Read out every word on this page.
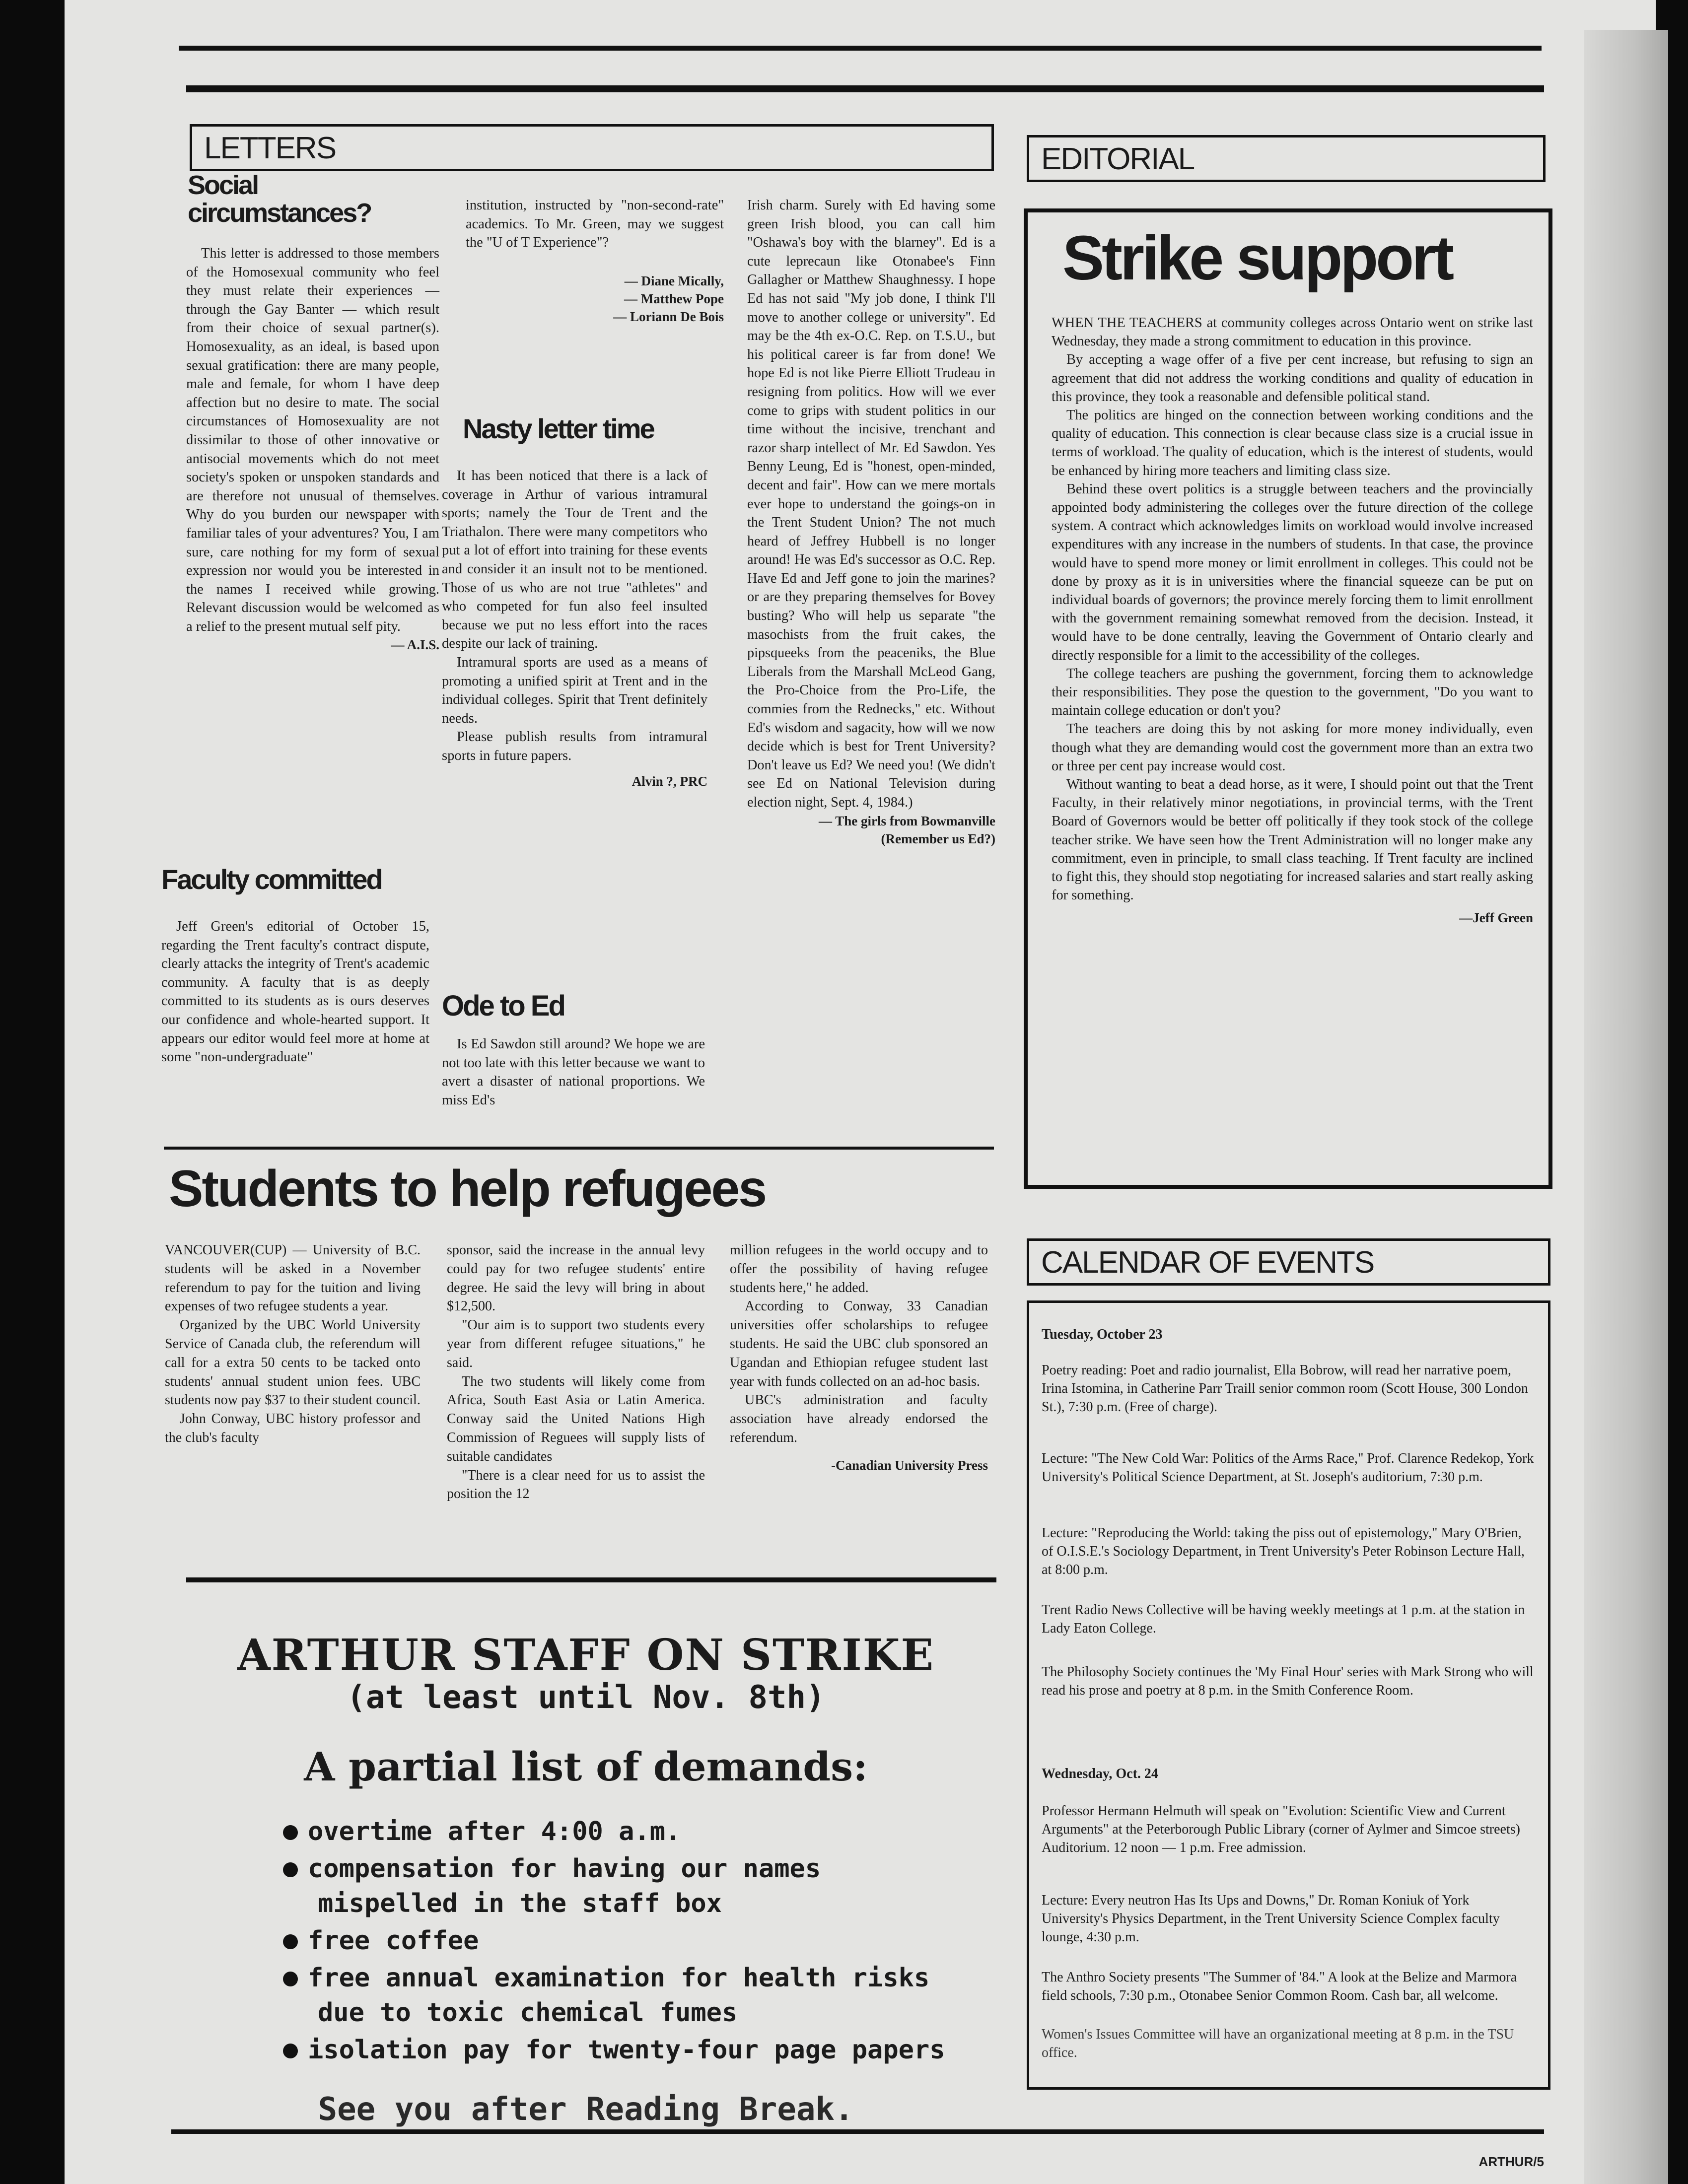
LETTERS	EDITORIAL
Social
circumstances?

This letter is addressed to those members of the Homosexual community who feel they must relate their experiences — through the Gay Banter — which result from their choice of sexual partner(s). Homosexuality, as an ideal, is based upon sexual gratification: there are many people, male and female, for whom I have deep affection but no desire to mate. The social circumstances of Homosexuality are not dissimilar to those of other innovative or antisocial movements which do not meet society's spoken or unspoken standards and are therefore not unusual of themselves. Why do you burden our newspaper with familiar tales of your adventures? You, I am sure, care nothing for my form of sexual expression nor would you be interested in the names I received while growing. Relevant discussion would be welcomed as a relief to the present mutual self pity.

— A.I.S.
Faculty committed

Jeff Green's editorial of October 15, regarding the Trent faculty's contract dispute, clearly attacks the integrity of Trent's academic community. A faculty that is as deeply committed to its students as is ours deserves our confidence and whole-hearted support. It appears our editor would feel more at home at some "non-undergraduate"

institution, instructed by "non-second-rate" academics. To Mr. Green, may we suggest the "U of T Experience"?

— Diane Mically,
— Matthew Pope
— Loriann De Bois
Nasty letter time

It has been noticed that there is a lack of coverage in Arthur of various intramural sports; namely the Tour de Trent and the Triathalon. There were many competitors who put a lot of effort into training for these events and consider it an insult not to be mentioned. Those of us who are not true "athletes" and who competed for fun also feel insulted because we put no less effort into the races despite our lack of training.

Intramural sports are used as a means of promoting a unified spirit at Trent and in the individual colleges. Spirit that Trent definitely needs.

Please publish results from intramural sports in future papers.

Alvin ?, PRC
Ode to Ed

Is Ed Sawdon still around? We hope we are not too late with this letter because we want to avert a disaster of national proportions. We miss Ed's

Irish charm. Surely with Ed having some green Irish blood, you can call him "Oshawa's boy with the blarney". Ed is a cute leprecaun like Otonabee's Finn Gallagher or Matthew Shaughnessy. I hope Ed has not said "My job done, I think I'll move to another college or university". Ed may be the 4th ex-O.C. Rep. on T.S.U., but his political career is far from done! We hope Ed is not like Pierre Elliott Trudeau in resigning from politics. How will we ever come to grips with student politics in our time without the incisive, trenchant and razor sharp intellect of Mr. Ed Sawdon. Yes Benny Leung, Ed is "honest, open-minded, decent and fair". How can we mere mortals ever hope to understand the goings-on in the Trent Student Union? The not much heard of Jeffrey Hubbell is no longer around! He was Ed's successor as O.C. Rep. Have Ed and Jeff gone to join the marines? or are they preparing themselves for Bovey busting? Who will help us separate "the masochists from the fruit cakes, the pipsqueeks from the peaceniks, the Blue Liberals from the Marshall McLeod Gang, the Pro-Choice from the Pro-Life, the commies from the Rednecks," etc. Without Ed's wisdom and sagacity, how will we now decide which is best for Trent University? Don't leave us Ed? We need you! (We didn't see Ed on National Television during election night, Sept. 4, 1984.)

— The girls from Bowmanville
(Remember us Ed?)
Strike support

WHEN THE TEACHERS at community colleges across Ontario went on strike last Wednesday, they made a strong commitment to education in this province.

By accepting a wage offer of a five per cent increase, but refusing to sign an agreement that did not address the working conditions and quality of education in this province, they took a reasonable and defensible political stand.

The politics are hinged on the connection between working conditions and the quality of education. This connection is clear because class size is a crucial issue in terms of workload. The quality of education, which is the interest of students, would be enhanced by hiring more teachers and limiting class size.

Behind these overt politics is a struggle between teachers and the provincially appointed body administering the colleges over the future direction of the college system. A contract which acknowledges limits on workload would involve increased expenditures with any increase in the numbers of students. In that case, the province would have to spend more money or limit enrollment in colleges. This could not be done by proxy as it is in universities where the financial squeeze can be put on individual boards of governors; the province merely forcing them to limit enrollment with the government remaining somewhat removed from the decision. Instead, it would have to be done centrally, leaving the Government of Ontario clearly and directly responsible for a limit to the accessibility of the colleges.

The college teachers are pushing the government, forcing them to acknowledge their responsibilities. They pose the question to the government, "Do you want to maintain college education or don't you?

The teachers are doing this by not asking for more money individually, even though what they are demanding would cost the government more than an extra two or three per cent pay increase would cost.

Without wanting to beat a dead horse, as it were, I should point out that the Trent Faculty, in their relatively minor negotiations, in provincial terms, with the Trent Board of Governors would be better off politically if they took stock of the college teacher strike. We have seen how the Trent Administration will no longer make any commitment, even in principle, to small class teaching. If Trent faculty are inclined to fight this, they should stop negotiating for increased salaries and start really asking for something.

—Jeff Green
Students to help refugees

VANCOUVER(CUP) — University of B.C. students will be asked in a November referendum to pay for the tuition and living expenses of two refugee students a year.

Organized by the UBC World University Service of Canada club, the referendum will call for a extra 50 cents to be tacked onto students' annual student union fees. UBC students now pay $37 to their student council.

John Conway, UBC history professor and the club's faculty

sponsor, said the increase in the annual levy could pay for two refugee students' entire degree. He said the levy will bring in about $12,500.

"Our aim is to support two students every year from different refugee situations," he said.

The two students will likely come from Africa, South East Asia or Latin America. Conway said the United Nations High Commission of Reguees will supply lists of suitable candidates

"There is a clear need for us to assist the position the 12

million refugees in the world occupy and to offer the possibility of having refugee students here," he added.

According to Conway, 33 Canadian universities offer scholarships to refugee students. He said the UBC club sponsored an Ugandan and Ethiopian refugee student last year with funds collected on an ad-hoc basis.

UBC's administration and faculty association have already endorsed the referendum.

-Canadian University Press
ARTHUR STAFF ON STRIKE
(at least until Nov. 8th)
A partial list of demands:
overtime after 4:00 a.m.
compensation for having our names
mispelled in the staff box
free coffee
free annual examination for health risks
due to toxic chemical fumes
isolation pay for twenty-four page papers
See you after Reading Break.
CALENDAR OF EVENTS
Tuesday, October 23
Poetry reading: Poet and radio journalist, Ella Bobrow, will read her narrative poem, Irina Istomina, in Catherine Parr Traill senior common room (Scott House, 300 London St.), 7:30 p.m. (Free of charge).
Lecture: "The New Cold War: Politics of the Arms Race," Prof. Clarence Redekop, York University's Political Science Department, at St. Joseph's auditorium, 7:30 p.m.
Lecture: "Reproducing the World: taking the piss out of epistemology," Mary O'Brien, of O.I.S.E.'s Sociology Department, in Trent University's Peter Robinson Lecture Hall, at 8:00 p.m.
Trent Radio News Collective will be having weekly meetings at 1 p.m. at the station in Lady Eaton College.
The Philosophy Society continues the 'My Final Hour' series with Mark Strong who will read his prose and poetry at 8 p.m. in the Smith Conference Room.
Wednesday, Oct. 24
Professor Hermann Helmuth will speak on "Evolution: Scientific View and Current Arguments" at the Peterborough Public Library (corner of Aylmer and Simcoe streets) Auditorium. 12 noon — 1 p.m. Free admission.
Lecture: Every neutron Has Its Ups and Downs," Dr. Roman Koniuk of York University's Physics Department, in the Trent University Science Complex faculty lounge, 4:30 p.m.
The Anthro Society presents "The Summer of '84." A look at the Belize and Marmora field schools, 7:30 p.m., Otonabee Senior Common Room. Cash bar, all welcome.
Women's Issues Committee will have an organizational meeting at 8 p.m. in the TSU office.
ARTHUR/5
